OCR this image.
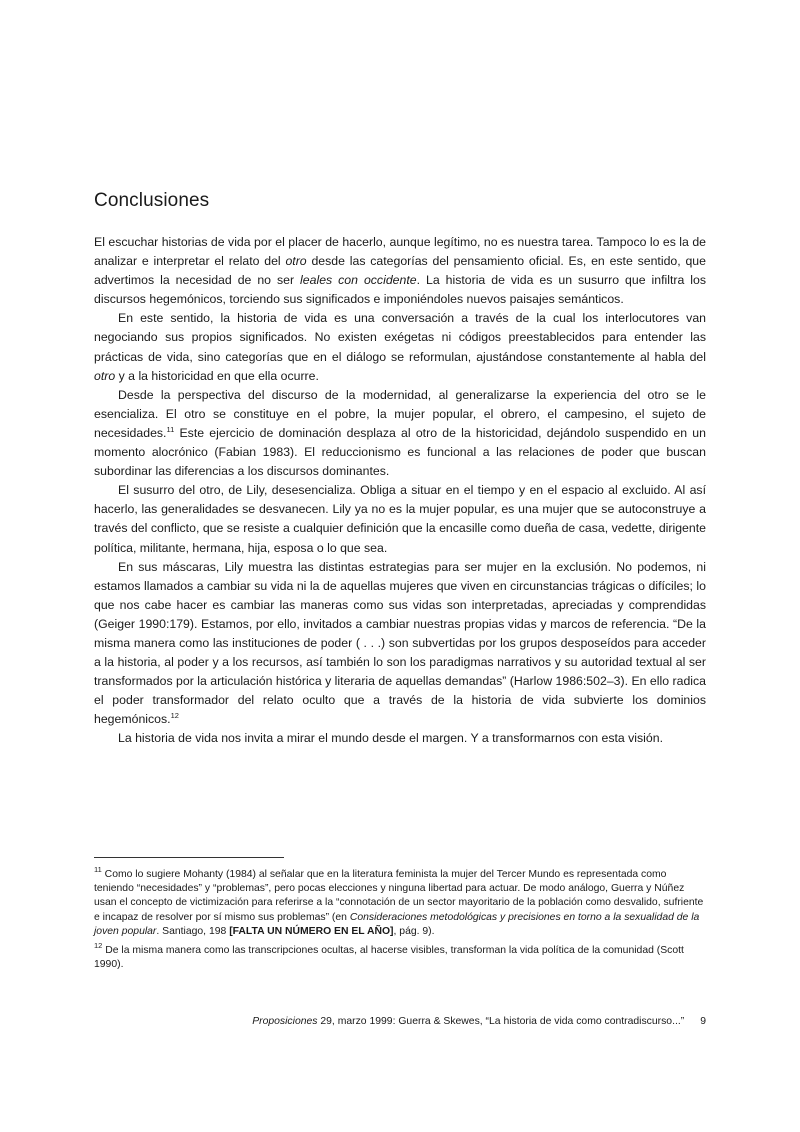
Conclusiones

El escuchar historias de vida por el placer de hacerlo, aunque legítimo, no es nuestra tarea. Tampoco lo es la de analizar e interpretar el relato del otro desde las categorías del pensamiento oficial. Es, en este sentido, que advertimos la necesidad de no ser leales con occidente. La historia de vida es un susurro que infiltra los discursos hegemónicos, torciendo sus significados e imponiéndoles nuevos paisajes semánticos.

En este sentido, la historia de vida es una conversación a través de la cual los interlocutores van negociando sus propios significados. No existen exégetas ni códigos preestablecidos para entender las prácticas de vida, sino categorías que en el diálogo se reformulan, ajustándose constantemente al habla del otro y a la historicidad en que ella ocurre.

Desde la perspectiva del discurso de la modernidad, al generalizarse la experiencia del otro se le esencializa. El otro se constituye en el pobre, la mujer popular, el obrero, el campesino, el sujeto de necesidades.$^{11}$ Este ejercicio de dominación desplaza al otro de la historicidad, dejándolo suspendido en un momento alocrónico (Fabian 1983). El reduccionismo es funcional a las relaciones de poder que buscan subordinar las diferencias a los discursos dominantes.

El susurro del otro, de Lily, desesencializa. Obliga a situar en el tiempo y en el espacio al excluido. Al así hacerlo, las generalidades se desvanecen. Lily ya no es la mujer popular, es una mujer que se autoconstruye a través del conflicto, que se resiste a cualquier definición que la encasille como dueña de casa, vedette, dirigente política, militante, hermana, hija, esposa o lo que sea.

En sus máscaras, Lily muestra las distintas estrategias para ser mujer en la exclusión. No podemos, ni estamos llamados a cambiar su vida ni la de aquellas mujeres que viven en circunstancias trágicas o difíciles; lo que nos cabe hacer es cambiar las maneras como sus vidas son interpretadas, apreciadas y comprendidas (Geiger 1990:179). Estamos, por ello, invitados a cambiar nuestras propias vidas y marcos de referencia. “De la misma manera como las instituciones de poder ( . . .) son subvertidas por los grupos desposeídos para acceder a la historia, al poder y a los recursos, así también lo son los paradigmas narrativos y su autoridad textual al ser transformados por la articulación histórica y literaria de aquellas demandas” (Harlow 1986:502–3). En ello radica el poder transformador del relato oculto que a través de la historia de vida subvierte los dominios hegemónicos.$^{12}$

La historia de vida nos invita a mirar el mundo desde el margen. Y a transformarnos con esta visión.

$^{11}$ Como lo sugiere Mohanty (1984) al señalar que en la literatura feminista la mujer del Tercer Mundo es representada como teniendo “necesidades” y “problemas”, pero pocas elecciones y ninguna libertad para actuar. De modo análogo, Guerra y Núñez usan el concepto de victimización para referirse a la “connotación de un sector mayoritario de la población como desvalido, sufriente e incapaz de resolver por sí mismo sus problemas” (en Consideraciones metodológicas y precisiones en torno a la sexualidad de la joven popular. Santiago, 198 [FALTA UN NÚMERO EN EL AÑO], pág. 9).

$^{12}$ De la misma manera como las transcripciones ocultas, al hacerse visibles, transforman la vida política de la comunidad (Scott 1990).

Proposiciones 29, marzo 1999: Guerra & Skewes, “La historia de vida como contradiscurso...” 9
